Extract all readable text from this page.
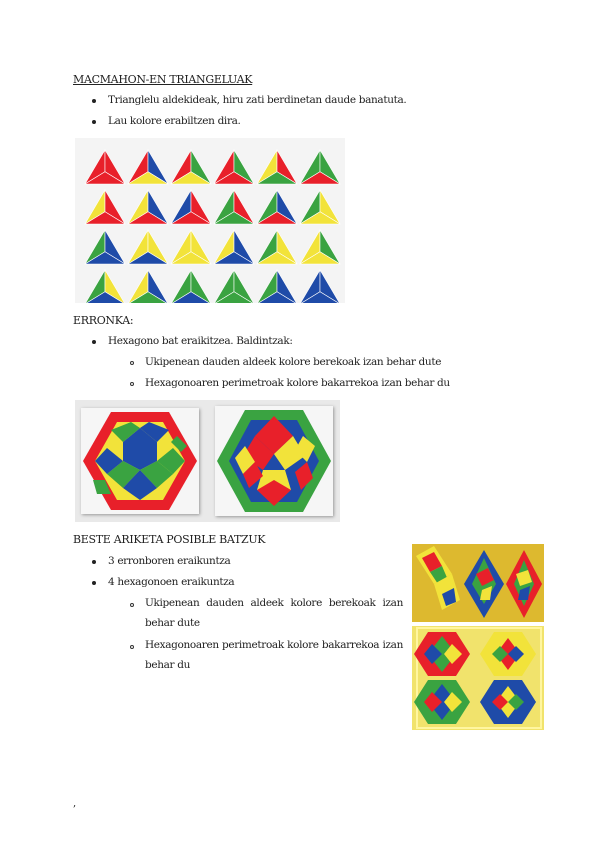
MACMAHON-EN TRIANGELUAK
Trianglelu aldekideak, hiru zati berdinetan daude banatuta.
Lau kolore erabiltzen dira.
ERRONKA:
Hexagono bat eraikitzea. Baldintzak:
Ukipenean dauden aldeek kolore berekoak izan behar dute
Hexagonoaren perimetroak kolore bakarrekoa izan behar du
BESTE ARIKETA POSIBLE BATZUK
3 erronboren eraikuntza
4 hexagonoen eraikuntza
Ukipenean dauden aldeek kolore berekoak izan
behar dute
Hexagonoaren perimetroak kolore bakarrekoa izan
behar du
,
